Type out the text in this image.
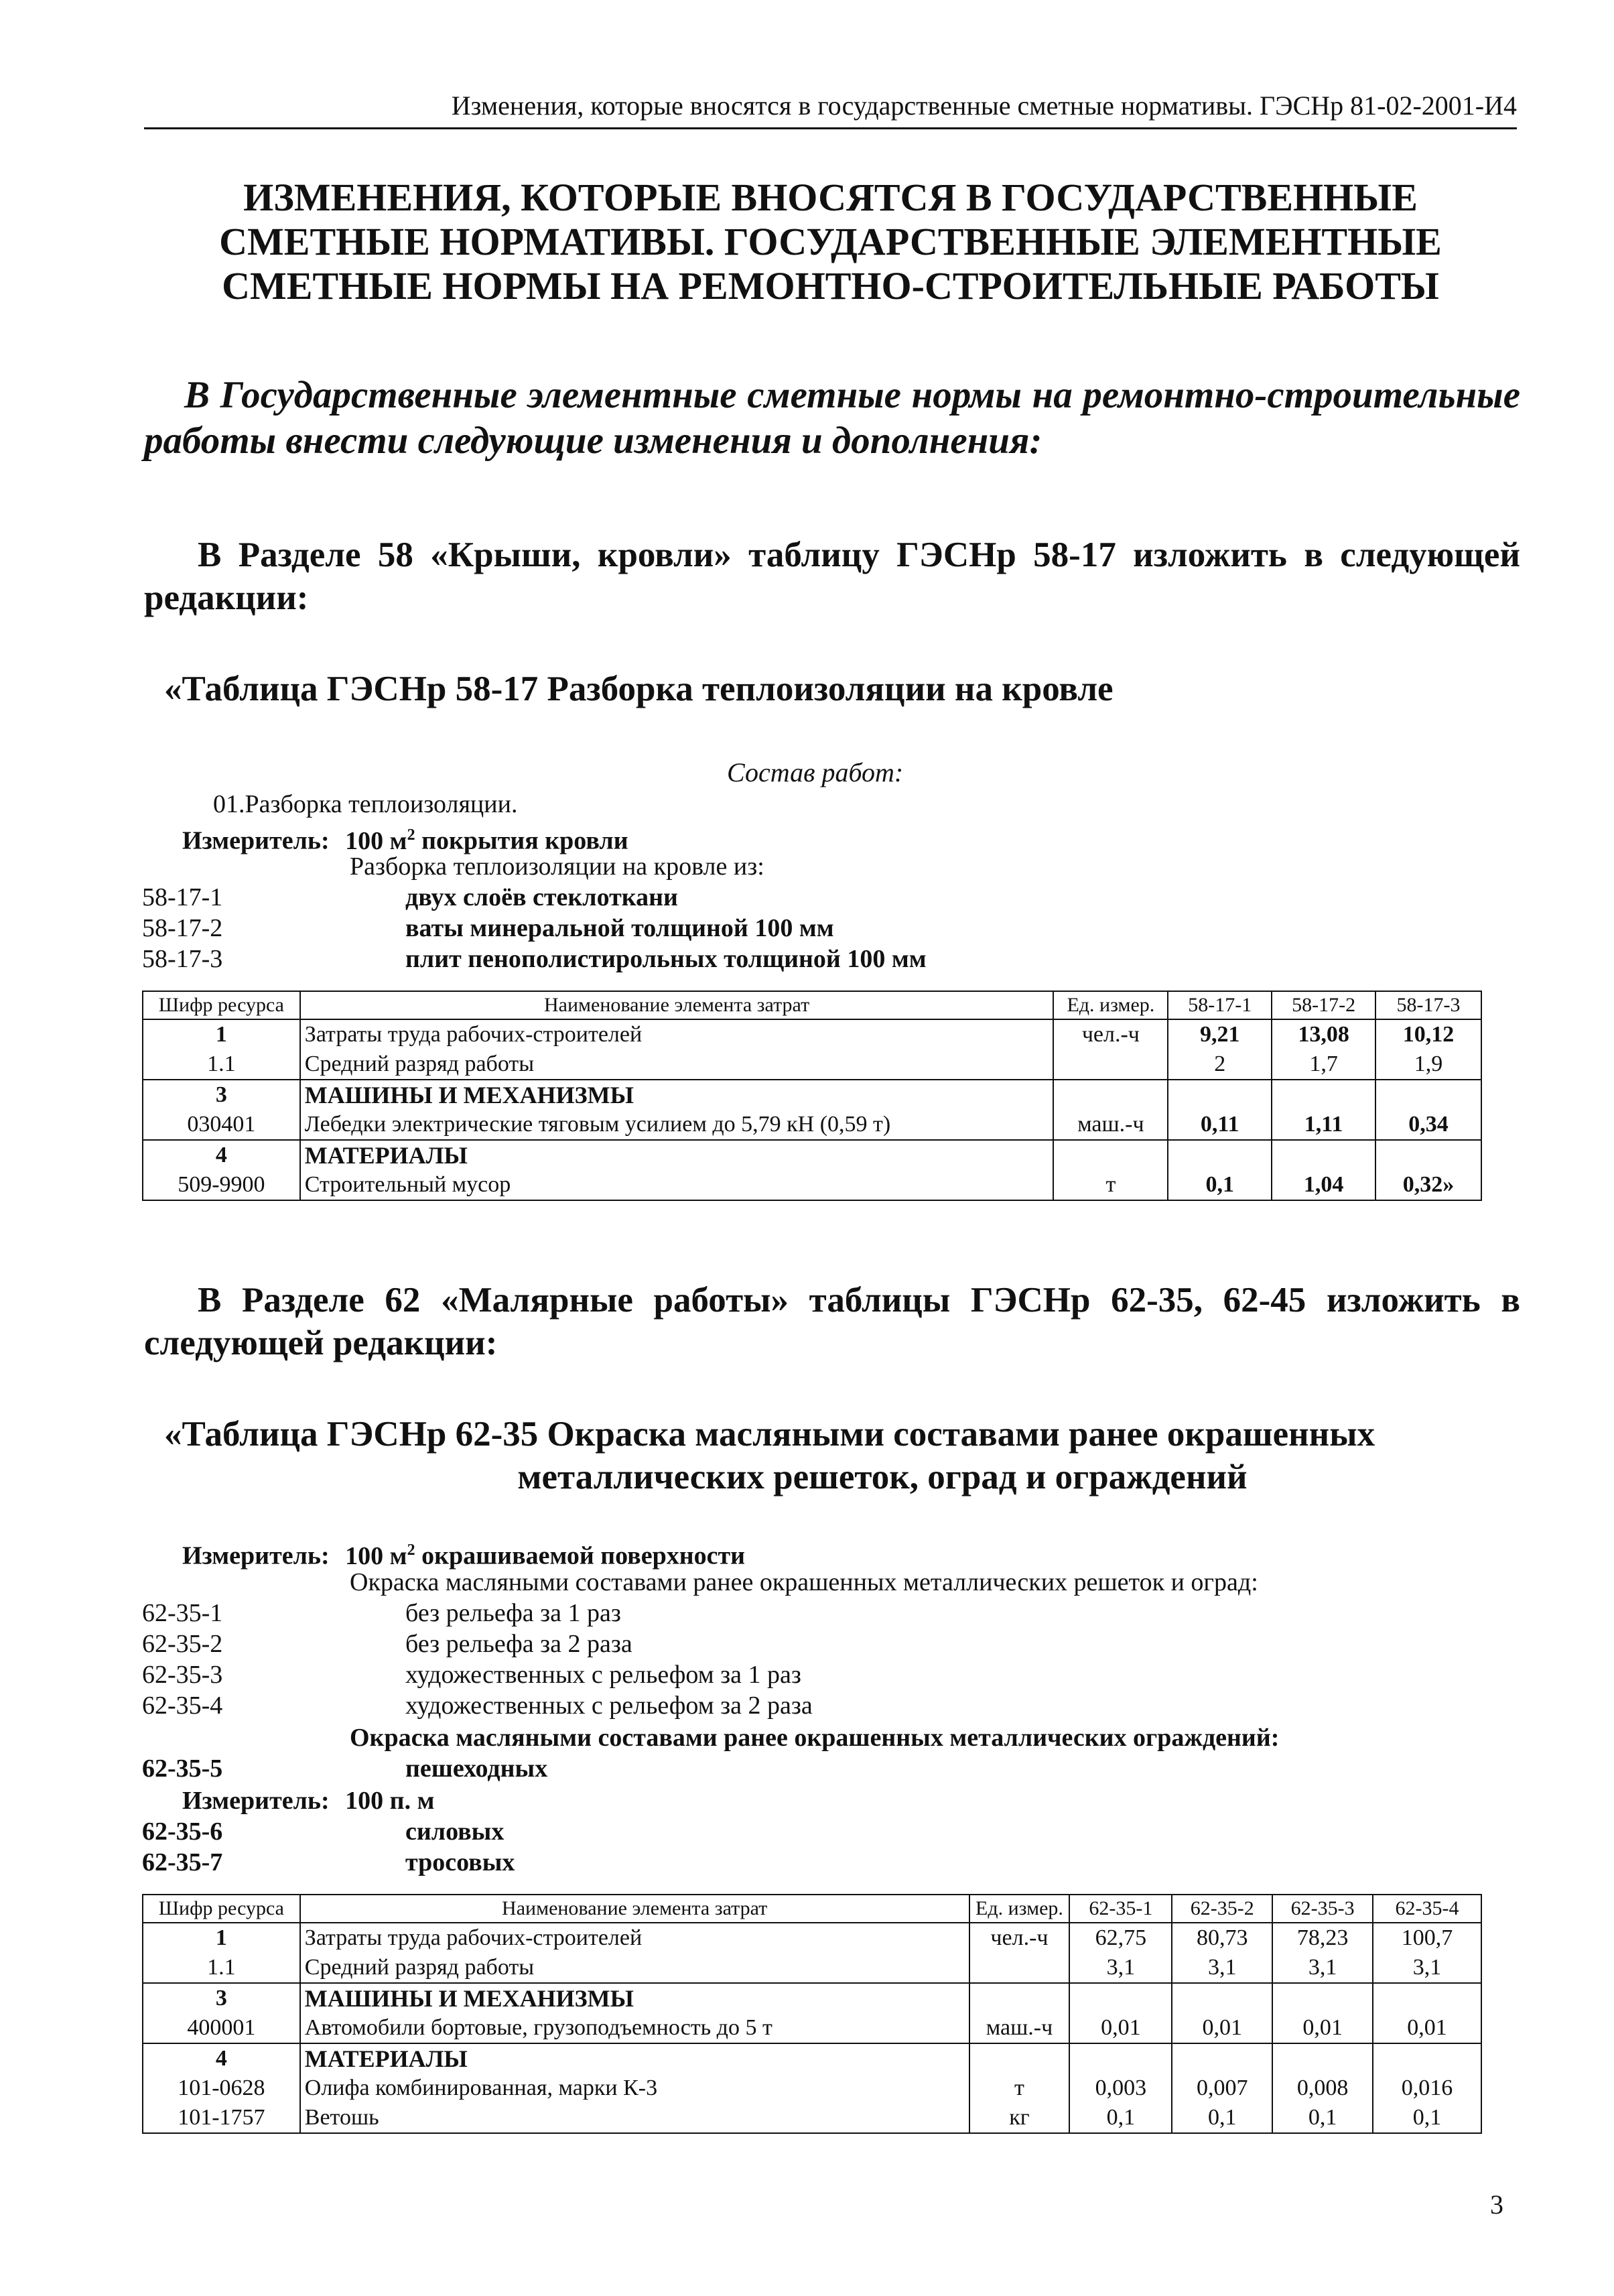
Изменения, которые вносятся в государственные сметные нормативы. ГЭСНр 81-02-2001-И4
ИЗМЕНЕНИЯ, КОТОРЫЕ ВНОСЯТСЯ В ГОСУДАРСТВЕННЫЕ
СМЕТНЫЕ НОРМАТИВЫ. ГОСУДАРСТВЕННЫЕ ЭЛЕМЕНТНЫЕ
СМЕТНЫЕ НОРМЫ НА РЕМОНТНО-СТРОИТЕЛЬНЫЕ РАБОТЫ

В Государственные элементные сметные нормы на ремонтно-строительные работы внести следующие изменения и дополнения:

В Разделе 58 «Крыши, кровли» таблицу ГЭСНр 58-17 изложить в следующей редакции:

«Таблица ГЭСНр 58-17 Разборка теплоизоляции на кровле

Состав работ:
01.Разборка теплоизоляции.
Измеритель: 100 $м^2$ покрытия кровли
Разборка теплоизоляции на кровле из:
58-17-1	двух слоёв стеклоткани
58-17-2	ваты минеральной толщиной 100 мм
58-17-3	плит пенополистирольных толщиной 100 мм
Шифр ресурса	Наименование элемента затрат	Ед. измер.	58-17-1	58-17-2	58-17-3
1	Затраты труда рабочих-строителей	чел.-ч	9,21	13,08	10,12
1.1	Средний разряд работы		2	1,7	1,9
3	МАШИНЫ И МЕХАНИЗМЫ				
030401	Лебедки электрические тяговым усилием до 5,79 кН (0,59 т)	маш.-ч	0,11	1,11	0,34
4	МАТЕРИАЛЫ				
509-9900	Строительный мусор	т	0,1	1,04	0,32»

В Разделе 62 «Малярные работы» таблицы ГЭСНр 62-35, 62-45 изложить в следующей редакции:

«Таблица ГЭСНр 62-35 Окраска масляными составами ранее окрашенных
металлических решеток, оград и ограждений

Измеритель: 100 $м^2$ окрашиваемой поверхности
Окраска масляными составами ранее окрашенных металлических решеток и оград:
62-35-1	без рельефа за 1 раз
62-35-2	без рельефа за 2 раза
62-35-3	художественных с рельефом за 1 раз
62-35-4	художественных с рельефом за 2 раза
Окраска масляными составами ранее окрашенных металлических ограждений:
62-35-5	пешеходных
Измеритель: 100 п. м
62-35-6	силовых
62-35-7	тросовых
Шифр ресурса	Наименование элемента затрат	Ед. измер.	62-35-1	62-35-2	62-35-3	62-35-4
1	Затраты труда рабочих-строителей	чел.-ч	62,75	80,73	78,23	100,7
1.1	Средний разряд работы		3,1	3,1	3,1	3,1
3	МАШИНЫ И МЕХАНИЗМЫ					
400001	Автомобили бортовые, грузоподъемность до 5 т	маш.-ч	0,01	0,01	0,01	0,01
4	МАТЕРИАЛЫ					
101-0628	Олифа комбинированная, марки К-3	т	0,003	0,007	0,008	0,016
101-1757	Ветошь	кг	0,1	0,1	0,1	0,1
3
